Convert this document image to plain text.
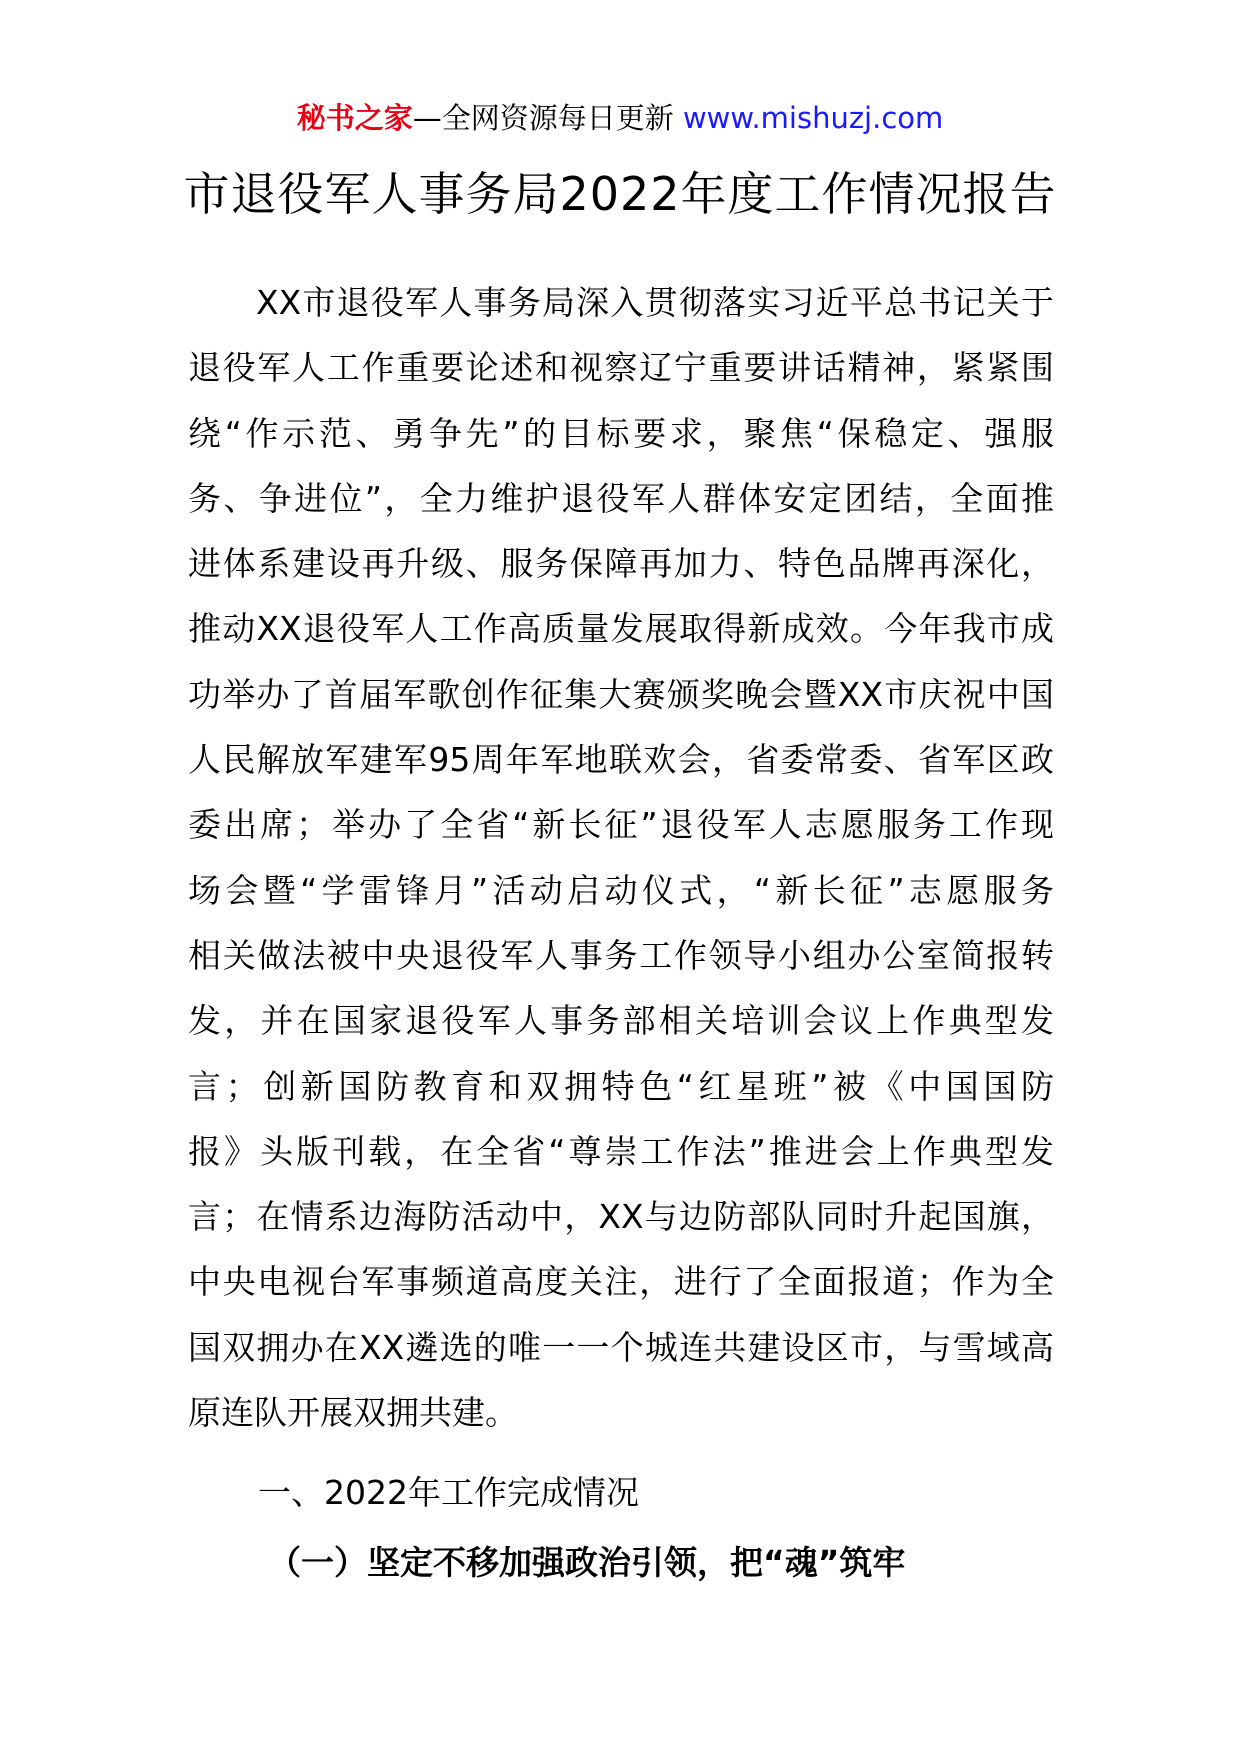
秘书之家—全网资源每日更新 www.mishuzj.com
市退役军人事务局2022年度工作情况报告
XX市退役军人事务局深入贯彻落实习近平总书记关于
退役军人工作重要论述和视察辽宁重要讲话精神，紧紧围
绕“作示范、勇争先”的目标要求，聚焦“保稳定、强服
务、争进位”，全力维护退役军人群体安定团结，全面推
进体系建设再升级、服务保障再加力、特色品牌再深化，
推动XX退役军人工作高质量发展取得新成效。今年我市成
功举办了首届军歌创作征集大赛颁奖晚会暨XX市庆祝中国
人民解放军建军95周年军地联欢会，省委常委、省军区政
委出席；举办了全省“新长征”退役军人志愿服务工作现
场会暨“学雷锋月”活动启动仪式，“新长征”志愿服务
相关做法被中央退役军人事务工作领导小组办公室简报转
发，并在国家退役军人事务部相关培训会议上作典型发
言；创新国防教育和双拥特色“红星班”被《中国国防
报》头版刊载，在全省“尊崇工作法”推进会上作典型发
言；在情系边海防活动中，XX与边防部队同时升起国旗，
中央电视台军事频道高度关注，进行了全面报道；作为全
国双拥办在XX遴选的唯一一个城连共建设区市，与雪域高
原连队开展双拥共建。
一、2022年工作完成情况
（一）坚定不移加强政治引领，把“魂”筑牢
